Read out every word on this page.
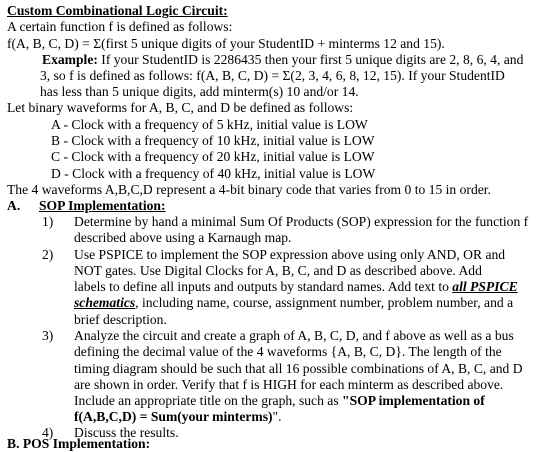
Custom Combinational Logic Circuit:
A certain function f is defined as follows:
f(A, B, C, D) = Σ(first 5 unique digits of your StudentID + minterms 12 and 15).
Example: If your StudentID is 2286435 then your first 5 unique digits are 2, 8, 6, 4, and
3, so f is defined as follows: f(A, B, C, D) = Σ(2, 3, 4, 6, 8, 12, 15). If your StudentID
has less than 5 unique digits, add minterm(s) 10 and/or 14.
Let binary waveforms for A, B, C, and D be defined as follows:
A - Clock with a frequency of 5 kHz, initial value is LOW
B - Clock with a frequency of 10 kHz, initial value is LOW
C - Clock with a frequency of 20 kHz, initial value is LOW
D - Clock with a frequency of 40 kHz, initial value is LOW
The 4 waveforms A,B,C,D represent a 4-bit binary code that varies from 0 to 15 in order.
A. SOP Implementation:
1) Determine by hand a minimal Sum Of Products (SOP) expression for the function f
described above using a Karnaugh map.
2) Use PSPICE to implement the SOP expression above using only AND, OR and
NOT gates. Use Digital Clocks for A, B, C, and D as described above. Add
labels to define all inputs and outputs by standard names. Add text to all PSPICE
schematics, including name, course, assignment number, problem number, and a
brief description.
3) Analyze the circuit and create a graph of A, B, C, D, and f above as well as a bus
defining the decimal value of the 4 waveforms {A, B, C, D}. The length of the
timing diagram should be such that all 16 possible combinations of A, B, C, and D
are shown in order. Verify that f is HIGH for each minterm as described above.
Include an appropriate title on the graph, such as "SOP implementation of
f(A,B,C,D) = Sum(your minterms)".
4) Discuss the results.
B. POS Implementation:
